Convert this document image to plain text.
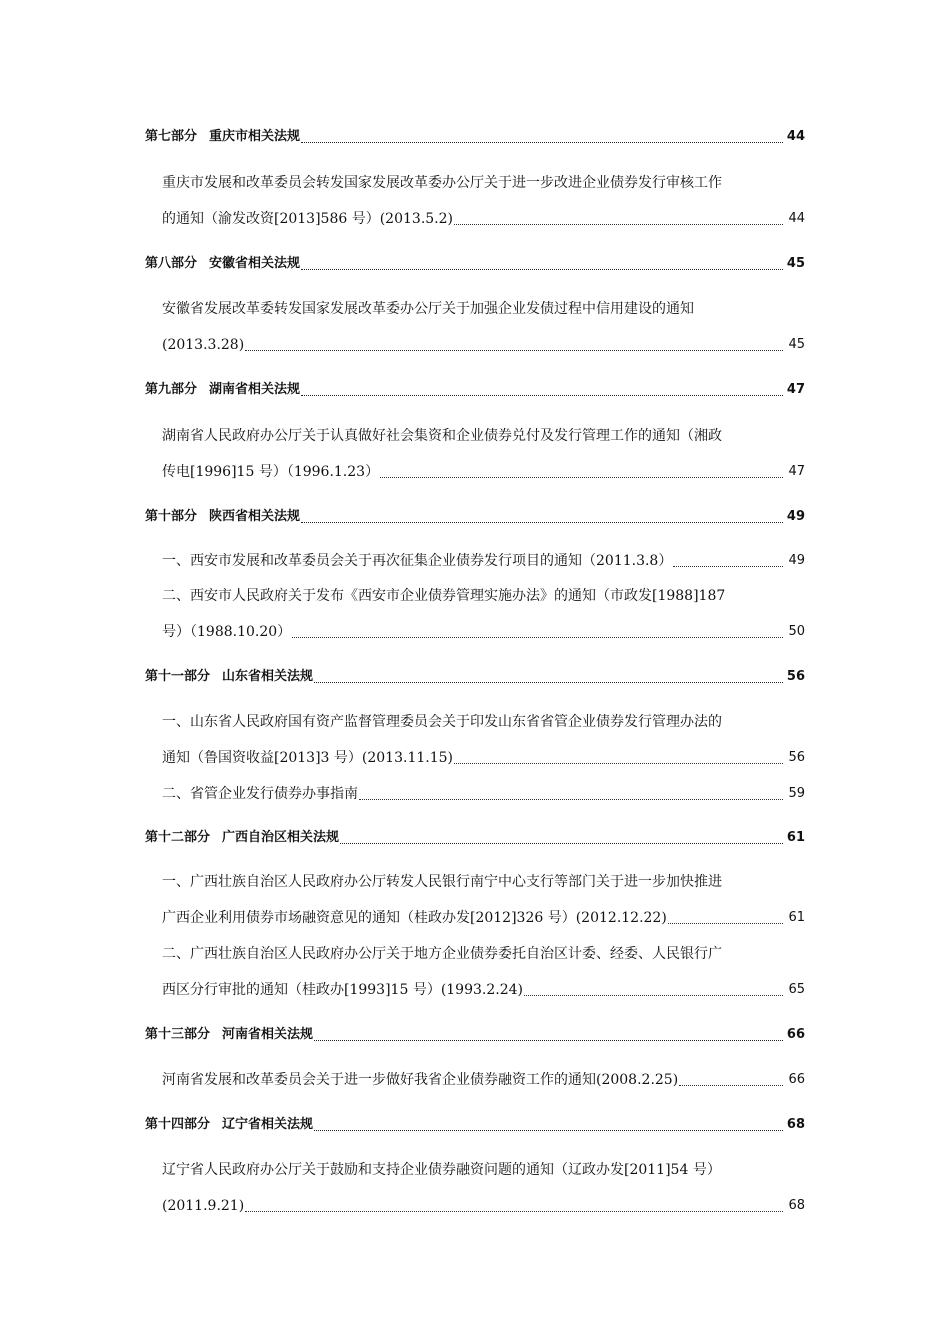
第七部分 重庆市相关法规	44
重庆市发展和改革委员会转发国家发展改革委办公厅关于进一步改进企业债券发行审核工作
的通知（渝发改资[2013]586 号）(2013.5.2)	44
第八部分 安徽省相关法规	45
安徽省发展改革委转发国家发展改革委办公厅关于加强企业发债过程中信用建设的通知
(2013.3.28)	45
第九部分 湖南省相关法规	47
湖南省人民政府办公厅关于认真做好社会集资和企业债券兑付及发行管理工作的通知（湘政
传电[1996]15 号）（1996.1.23）	47
第十部分 陕西省相关法规	49
一、西安市发展和改革委员会关于再次征集企业债券发行项目的通知（2011.3.8）	49
二、西安市人民政府关于发布《西安市企业债券管理实施办法》的通知（市政发[1988]187
号）（1988.10.20）	50
第十一部分 山东省相关法规	56
一、山东省人民政府国有资产监督管理委员会关于印发山东省省管企业债券发行管理办法的
通知（鲁国资收益[2013]3 号）(2013.11.15)	56
二、省管企业发行债券办事指南	59
第十二部分 广西自治区相关法规	61
一、广西壮族自治区人民政府办公厅转发人民银行南宁中心支行等部门关于进一步加快推进
广西企业利用债券市场融资意见的通知（桂政办发[2012]326 号）(2012.12.22)	61
二、广西壮族自治区人民政府办公厅关于地方企业债券委托自治区计委、经委、人民银行广
西区分行审批的通知（桂政办[1993]15 号）(1993.2.24)	65
第十三部分 河南省相关法规	66
河南省发展和改革委员会关于进一步做好我省企业债券融资工作的通知(2008.2.25)	66
第十四部分 辽宁省相关法规	68
辽宁省人民政府办公厅关于鼓励和支持企业债券融资问题的通知（辽政办发[2011]54 号）
(2011.9.21)	68
